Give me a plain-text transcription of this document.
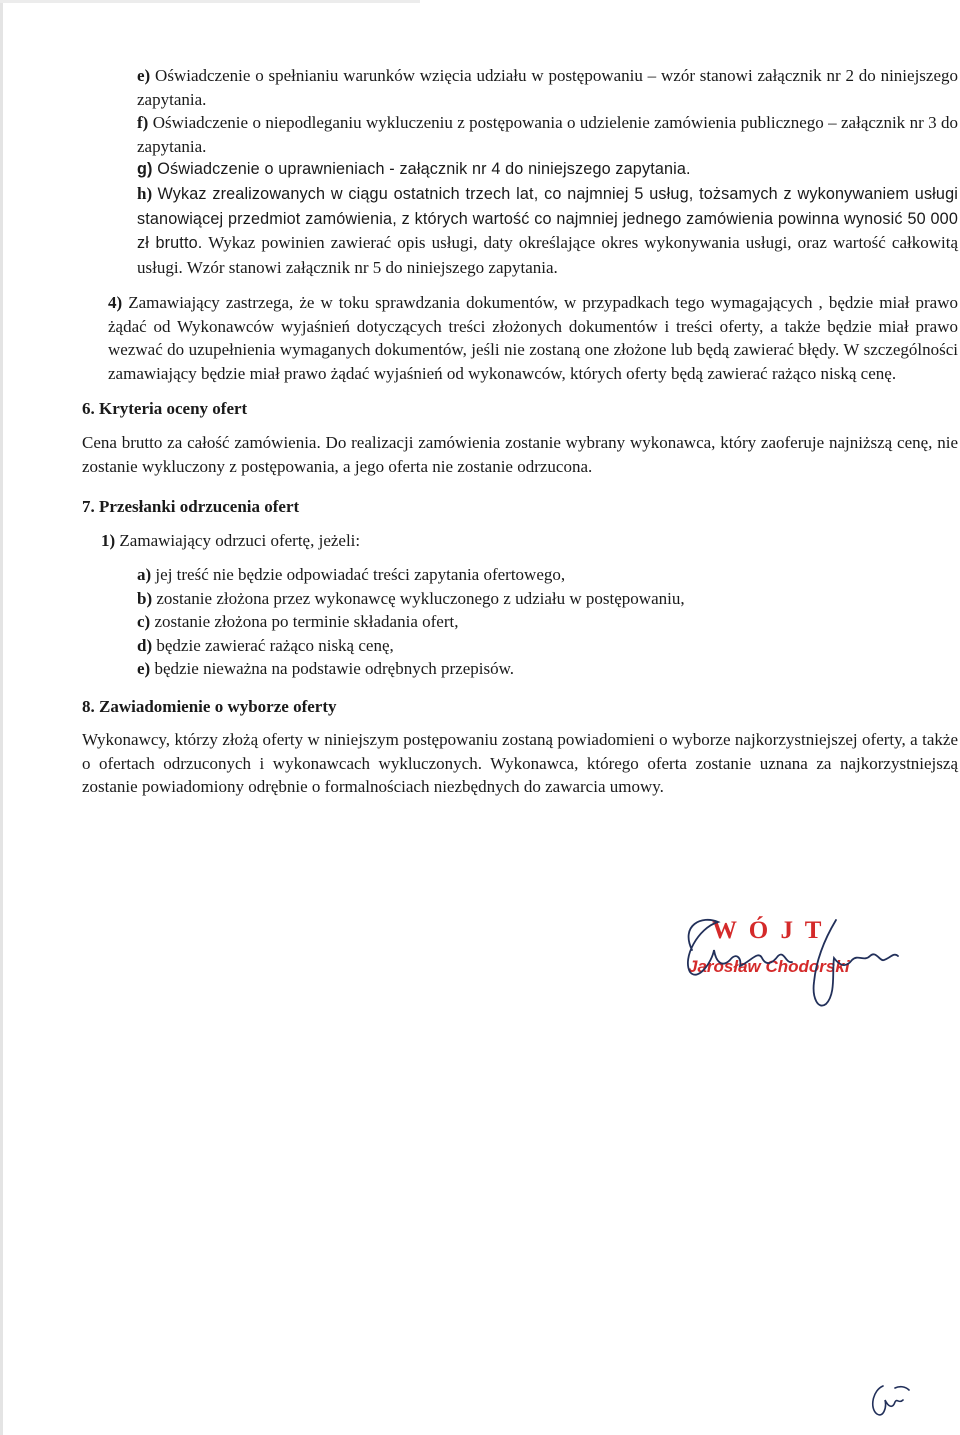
e) Oświadczenie o spełnianiu warunków wzięcia udziału w postępowaniu – wzór stanowi załącznik nr 2 do niniejszego zapytania.

f) Oświadczenie o niepodleganiu wykluczeniu z postępowania o udzielenie zamówienia publicznego – załącznik nr 3 do zapytania.

g) Oświadczenie o uprawnieniach - załącznik nr 4 do niniejszego zapytania.

h) Wykaz zrealizowanych w ciągu ostatnich trzech lat, co najmniej 5 usług, tożsamych z wykonywaniem usługi stanowiącej przedmiot zamówienia, z których wartość co najmniej jednego zamówienia powinna wynosić 50 000 zł brutto. Wykaz powinien zawierać opis usługi, daty określające okres wykonywania usługi, oraz wartość całkowitą usługi. Wzór stanowi załącznik nr 5 do niniejszego zapytania.

4) Zamawiający zastrzega, że w toku sprawdzania dokumentów, w przypadkach tego wymagających , będzie miał prawo żądać od Wykonawców wyjaśnień dotyczących treści złożonych dokumentów i treści oferty, a także będzie miał prawo wezwać do uzupełnienia wymaganych dokumentów, jeśli nie zostaną one złożone lub będą zawierać błędy. W szczególności zamawiający będzie miał prawo żądać wyjaśnień od wykonawców, których oferty będą zawierać rażąco niską cenę.

6. Kryteria oceny ofert

Cena brutto za całość zamówienia. Do realizacji zamówienia zostanie wybrany wykonawca, który zaoferuje najniższą cenę, nie zostanie wykluczony z postępowania, a jego oferta nie zostanie odrzucona.

7. Przesłanki odrzucenia ofert

1) Zamawiający odrzuci ofertę, jeżeli:

a) jej treść nie będzie odpowiadać treści zapytania ofertowego,

b) zostanie złożona przez wykonawcę wykluczonego z udziału w postępowaniu,

c) zostanie złożona po terminie składania ofert,

d) będzie zawierać rażąco niską cenę,

e) będzie nieważna na podstawie odrębnych przepisów.

8. Zawiadomienie o wyborze oferty

Wykonawcy, którzy złożą oferty w niniejszym postępowaniu zostaną powiadomieni o wyborze najkorzystniejszej oferty, a także o ofertach odrzuconych i wykonawcach wykluczonych. Wykonawca, którego oferta zostanie uznana za najkorzystniejszą zostanie powiadomiony odrębnie o formalnościach niezbędnych do zawarcia umowy.

W Ó J T
Jarosław Chodorski
